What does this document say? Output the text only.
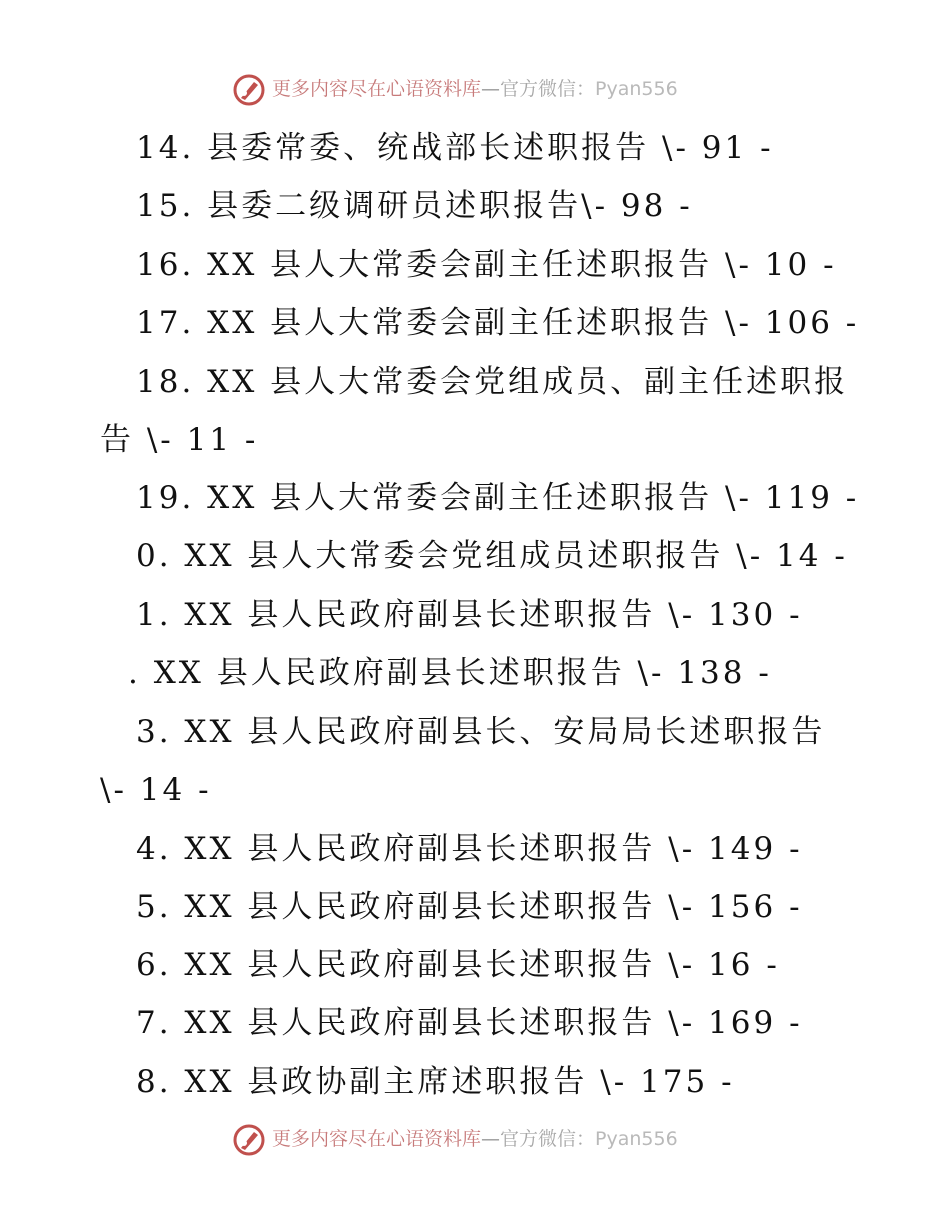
更多内容尽在心语资料库—官方微信：Pyan556
14. 县委常委、统战部长述职报告 \- 91 -
15. 县委二级调研员述职报告\- 98 -
16. XX 县人大常委会副主任述职报告 \- 10 -
17. XX 县人大常委会副主任述职报告 \- 106 -
18. XX 县人大常委会党组成员、副主任述职报
告 \- 11 -
19. XX 县人大常委会副主任述职报告 \- 119 -
0. XX 县人大常委会党组成员述职报告 \- 14 -
1. XX 县人民政府副县长述职报告 \- 130 -
. XX 县人民政府副县长述职报告 \- 138 -
3. XX 县人民政府副县长、安局局长述职报告
\- 14 -
4. XX 县人民政府副县长述职报告 \- 149 -
5. XX 县人民政府副县长述职报告 \- 156 -
6. XX 县人民政府副县长述职报告 \- 16 -
7. XX 县人民政府副县长述职报告 \- 169 -
8. XX 县政协副主席述职报告 \- 175 -
更多内容尽在心语资料库—官方微信：Pyan556
